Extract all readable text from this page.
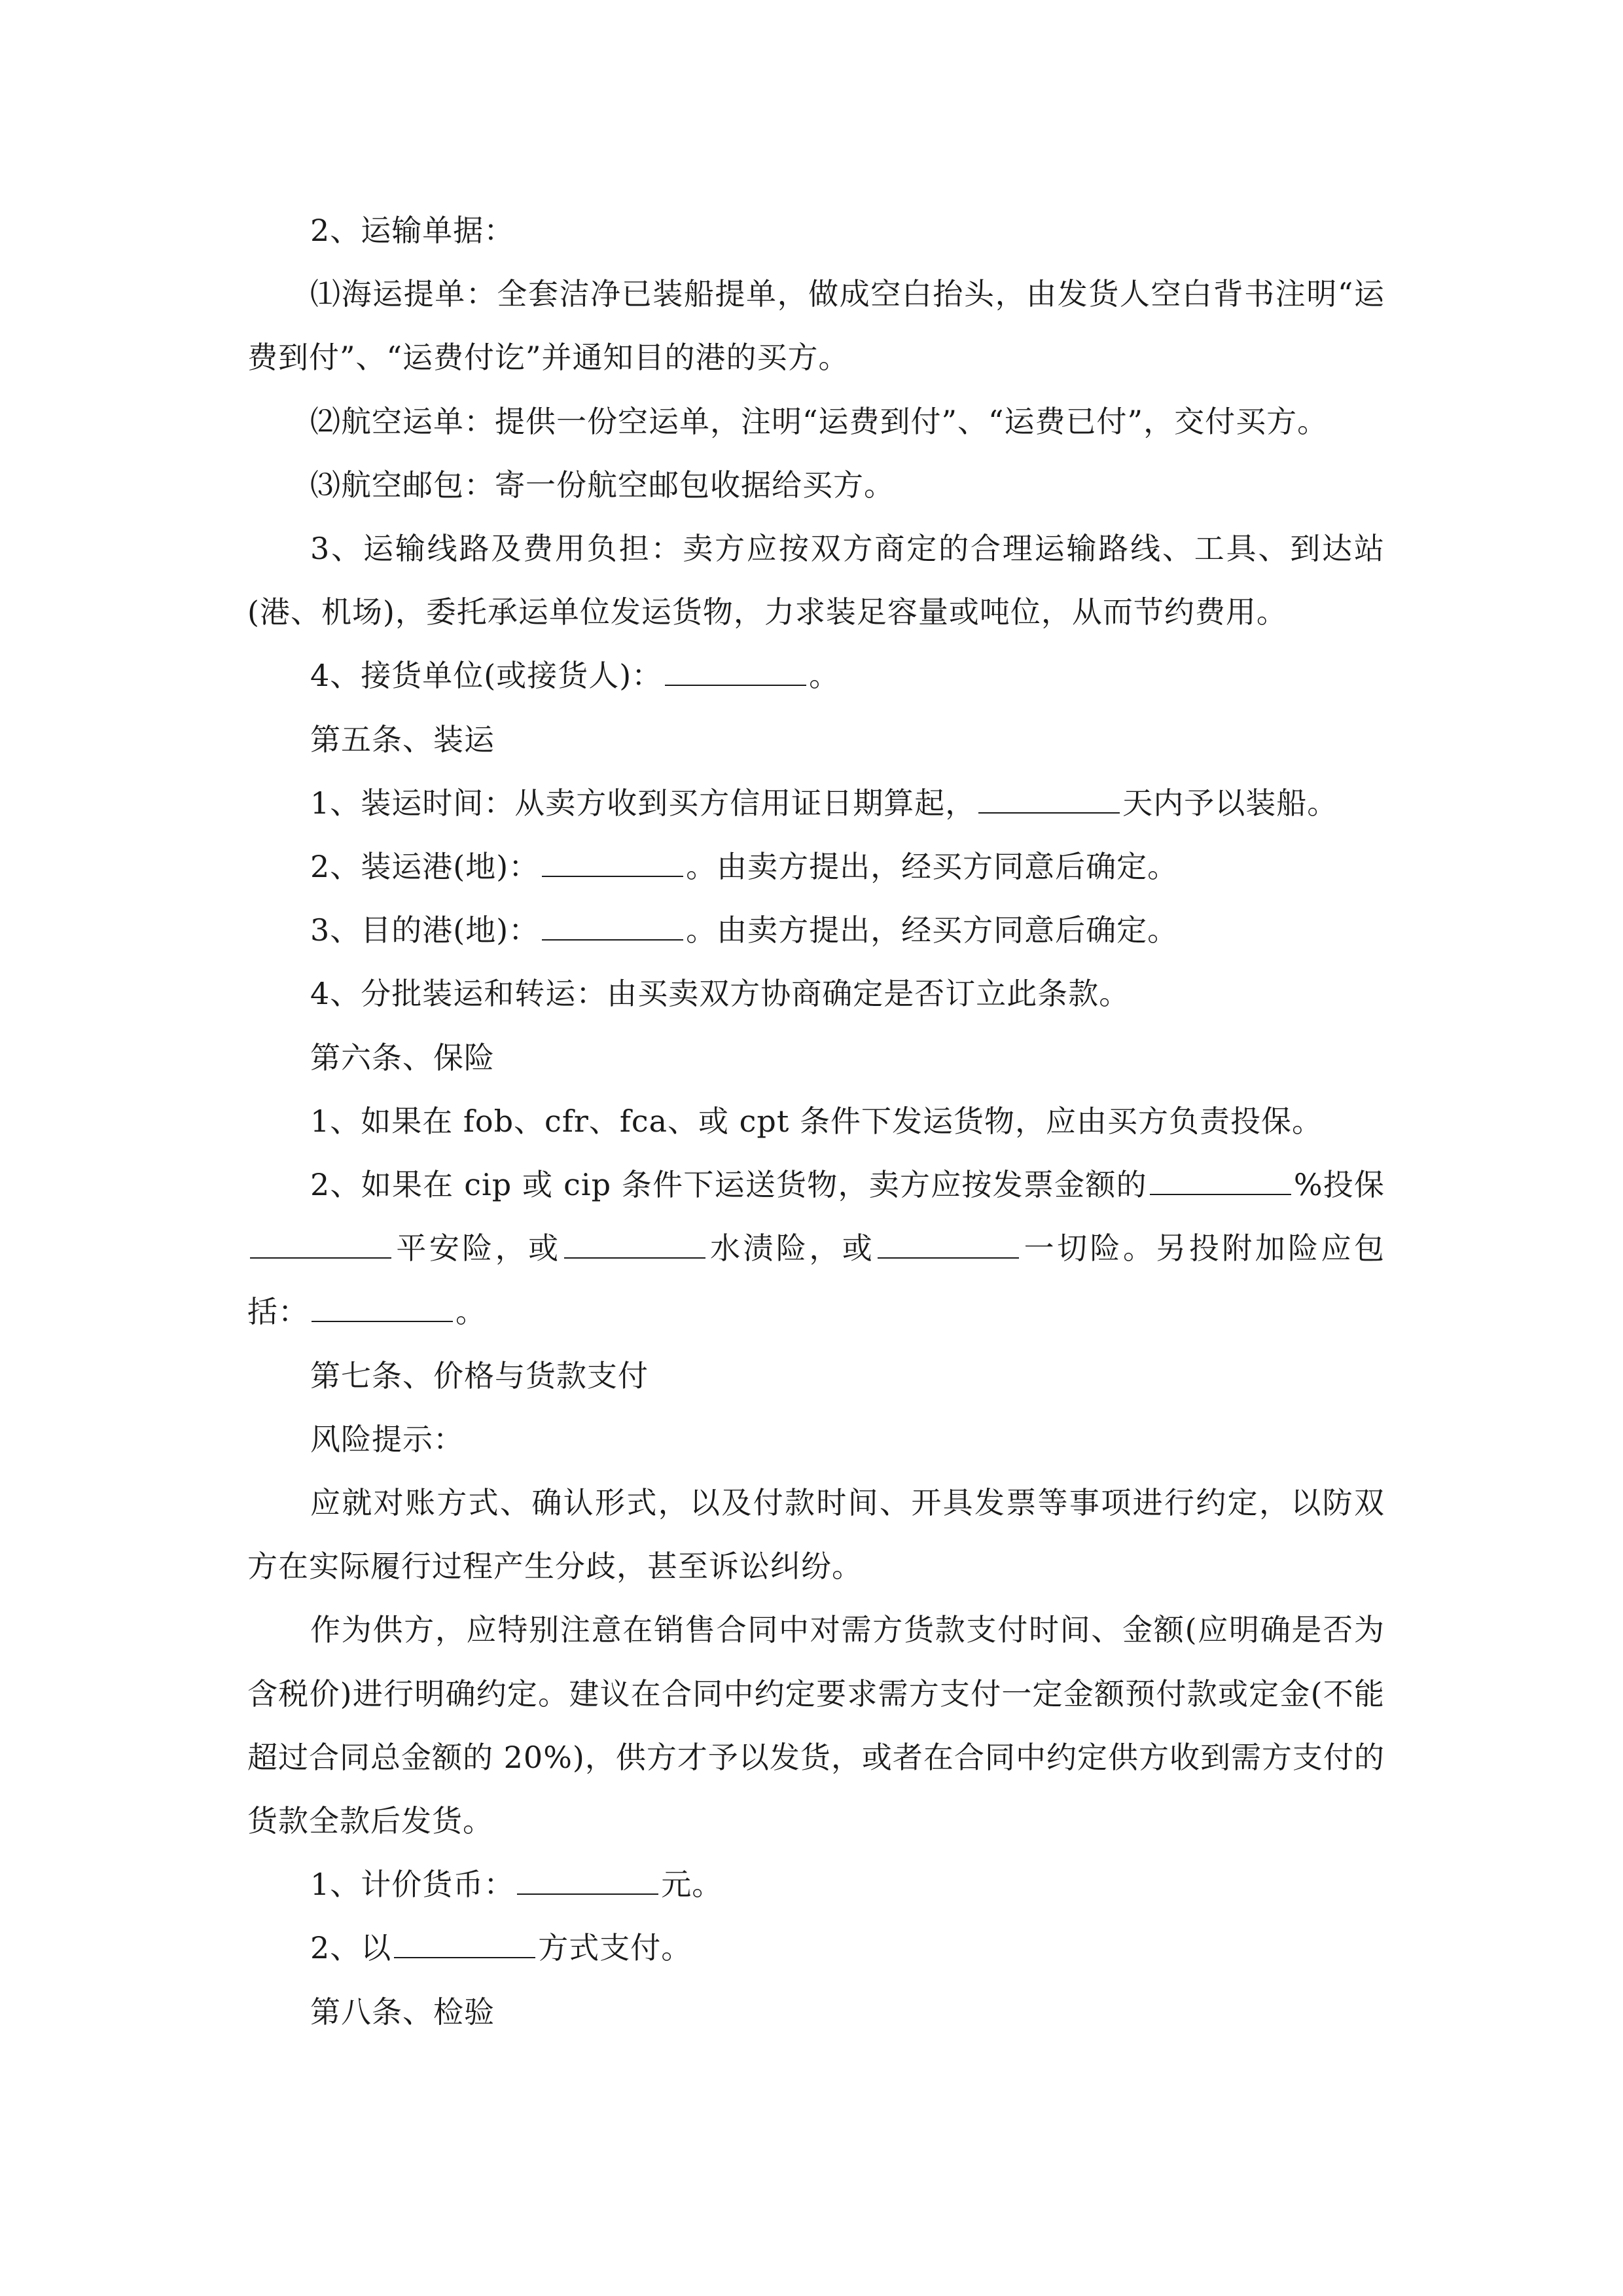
2、运输单据：

⑴海运提单：全套洁净已装船提单，做成空白抬头，由发货人空白背书注明“运费到付”、“运费付讫”并通知目的港的买方。

⑵航空运单：提供一份空运单，注明“运费到付”、“运费已付”，交付买方。

⑶航空邮包：寄一份航空邮包收据给买方。

3、运输线路及费用负担：卖方应按双方商定的合理运输路线、工具、到达站(港、机场)，委托承运单位发运货物，力求装足容量或吨位，从而节约费用。

4、接货单位(或接货人)：	。

第五条、装运

1、装运时间：从卖方收到买方信用证日期算起，	天内予以装船。

2、装运港(地)：	。由卖方提出，经买方同意后确定。

3、目的港(地)：	。由卖方提出，经买方同意后确定。

4、分批装运和转运：由买卖双方协商确定是否订立此条款。

第六条、保险

1、如果在 fob、cfr、fca、或 cpt 条件下发运货物，应由买方负责投保。

2、如果在 cip 或 cip 条件下运送货物，卖方应按发票金额的	%投保平安险，或	水渍险，或	一切险。另投附加险应包括：	。

第七条、价格与货款支付

风险提示：

应就对账方式、确认形式，以及付款时间、开具发票等事项进行约定，以防双方在实际履行过程产生分歧，甚至诉讼纠纷。

作为供方，应特别注意在销售合同中对需方货款支付时间、金额(应明确是否为含税价)进行明确约定。建议在合同中约定要求需方支付一定金额预付款或定金(不能超过合同总金额的 20%)，供方才予以发货，或者在合同中约定供方收到需方支付的货款全款后发货。

1、计价货币：	元。

2、以	方式支付。

第八条、检验
